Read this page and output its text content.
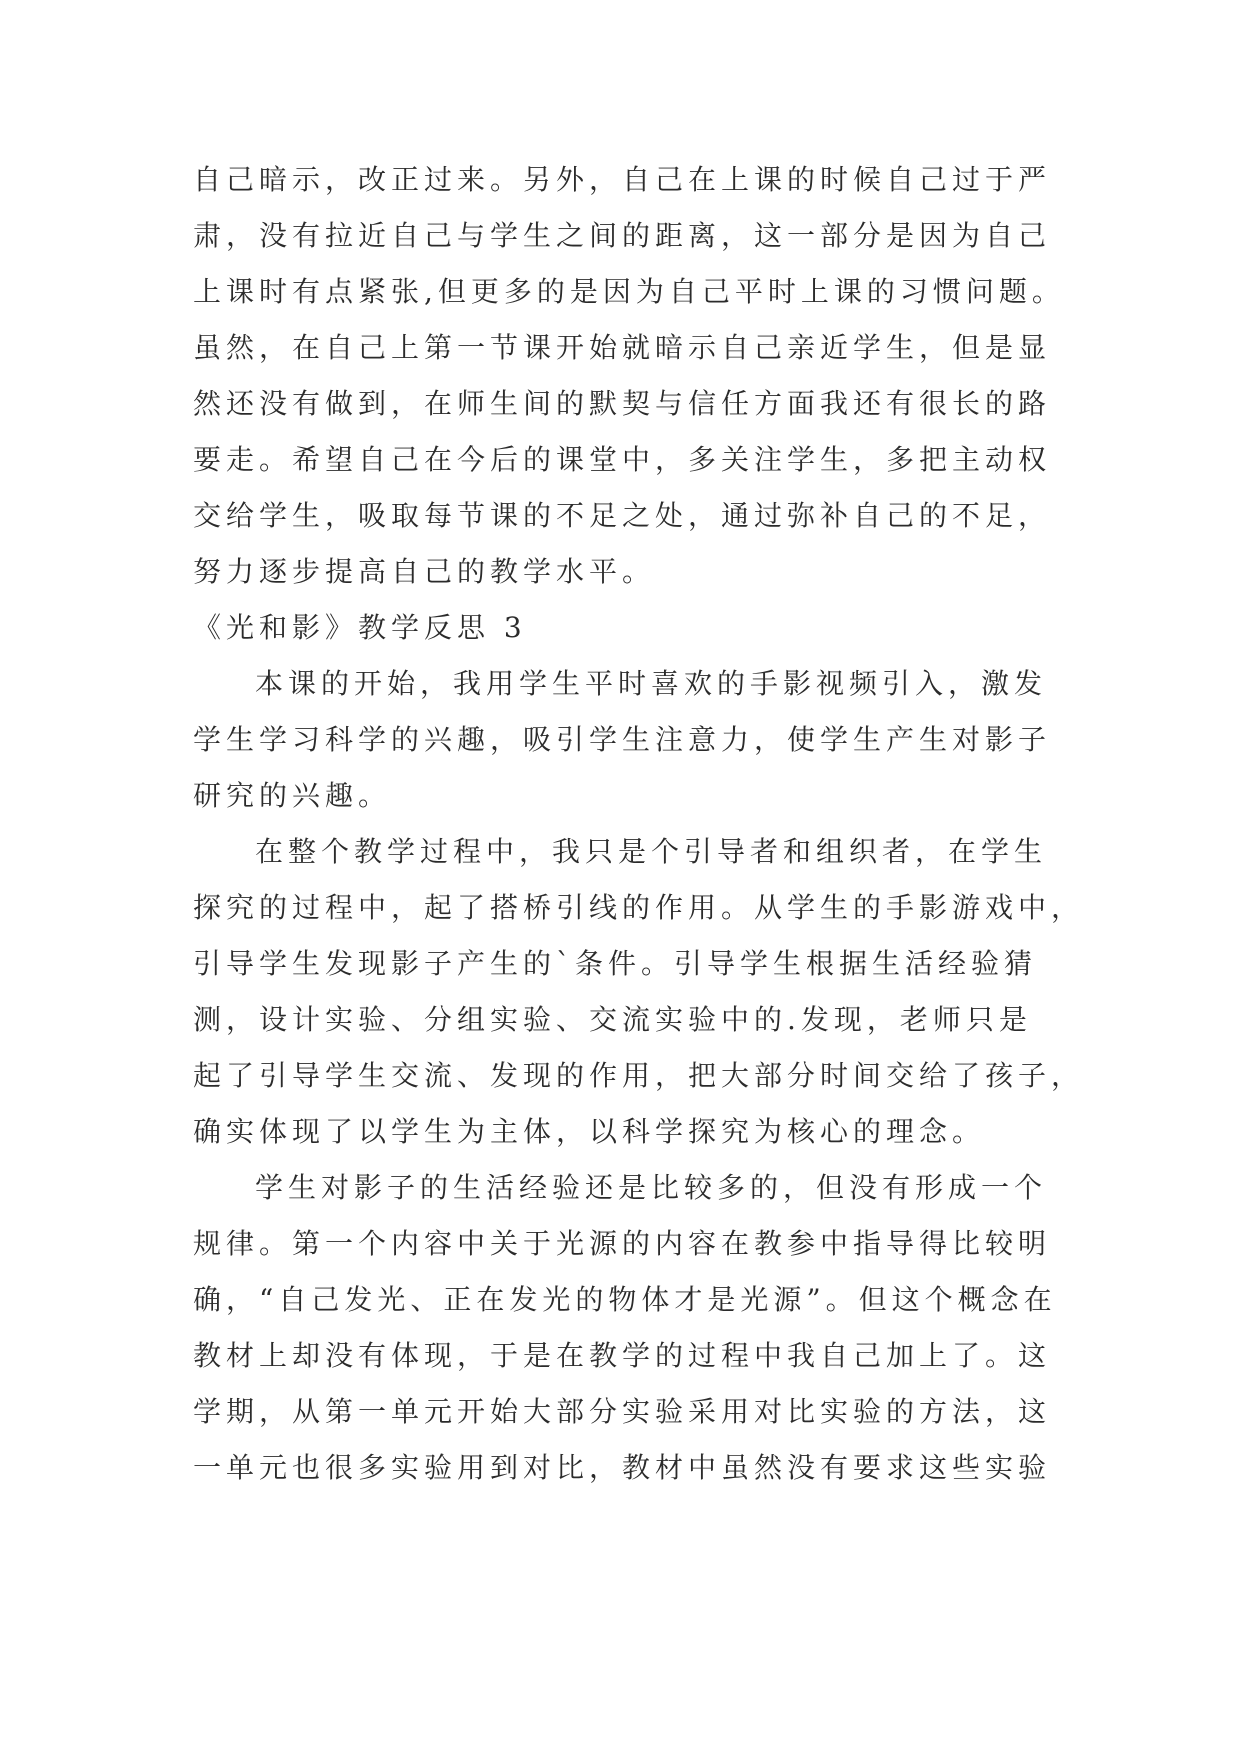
自己暗示，改正过来。另外，自己在上课的时候自己过于严
肃，没有拉近自己与学生之间的距离，这一部分是因为自己
上课时有点紧张,但更多的是因为自己平时上课的习惯问题。
虽然，在自己上第一节课开始就暗示自己亲近学生，但是显
然还没有做到，在师生间的默契与信任方面我还有很长的路
要走。希望自己在今后的课堂中，多关注学生，多把主动权
交给学生，吸取每节课的不足之处，通过弥补自己的不足，
努力逐步提高自己的教学水平。
《光和影》教学反思 3
本课的开始，我用学生平时喜欢的手影视频引入，激发
学生学习科学的兴趣，吸引学生注意力，使学生产生对影子
研究的兴趣。
在整个教学过程中，我只是个引导者和组织者，在学生
探究的过程中，起了搭桥引线的作用。从学生的手影游戏中，
引导学生发现影子产生的`条件。引导学生根据生活经验猜
测，设计实验、分组实验、交流实验中的.发现，老师只是
起了引导学生交流、发现的作用，把大部分时间交给了孩子，
确实体现了以学生为主体，以科学探究为核心的理念。
学生对影子的生活经验还是比较多的，但没有形成一个
规律。第一个内容中关于光源的内容在教参中指导得比较明
确，“自己发光、正在发光的物体才是光源”。但这个概念在
教材上却没有体现，于是在教学的过程中我自己加上了。这
学期，从第一单元开始大部分实验采用对比实验的方法，这
一单元也很多实验用到对比，教材中虽然没有要求这些实验
